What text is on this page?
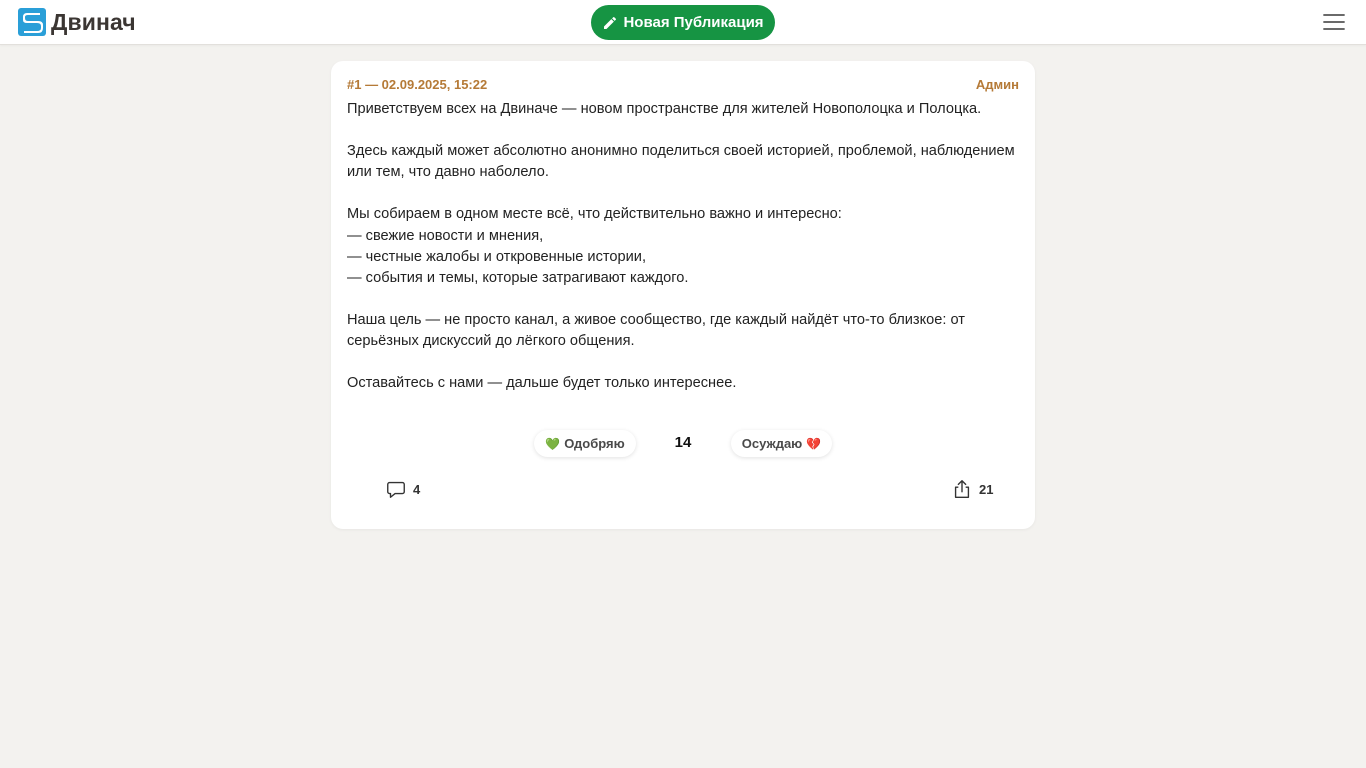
Двинач	Новая Публикация
#1 — 02.09.2025, 15:22	Админ

Приветствуем всех на Двиначе — новом пространстве для жителей Новополоцка и Полоцка.

Здесь каждый может абсолютно анонимно поделиться своей историей, проблемой, наблюдением или тем, что давно наболело.

Мы собираем в одном месте всё, что действительно важно и интересно:

— свежие новости и мнения,

— честные жалобы и откровенные истории,

— события и темы, которые затрагивают каждого.

Наша цель — не просто канал, а живое сообщество, где каждый найдёт что-то близкое: от серьёзных дискуссий до лёгкого общения.

Оставайтесь с нами — дальше будет только интереснее.

💚 Одобряю	14	Осуждаю 💔
4	21
